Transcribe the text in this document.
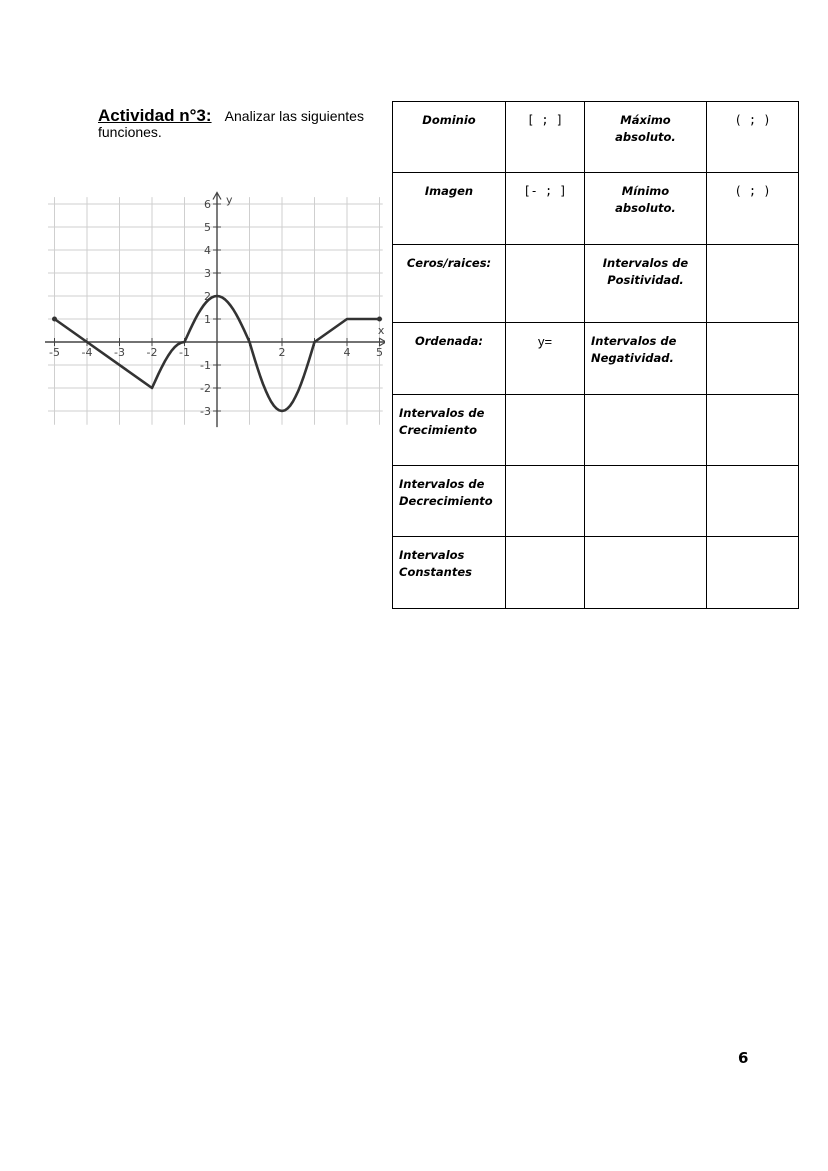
Actividad n°3: Analizar las siguientes funciones.
-5 -4 -3 -2 -1	2	4 5
6
5
4
3
2
1
-1
-2
-3
x
y
Dominio	[ ; ]	Máximo absoluto.	( ; )
Imagen	[- ; ]	Mínimo absoluto.	( ; )
Ceros/raices:		Intervalos de Positividad.	
Ordenada:	y=	Intervalos de Negatividad.	
Intervalos de Crecimiento			
Intervalos de Decrecimiento			
Intervalos Constantes			
6
